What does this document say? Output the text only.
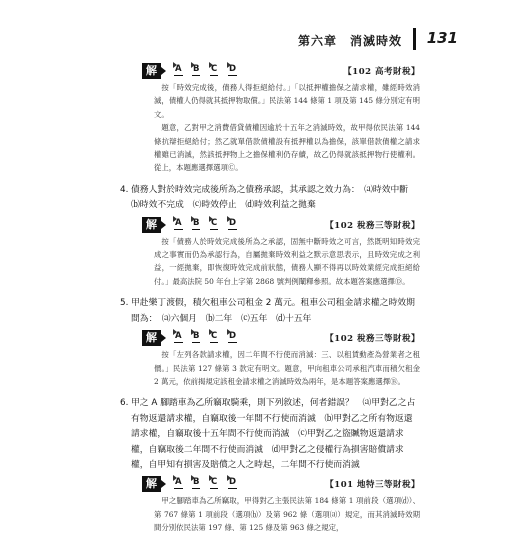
第六章　消滅時效 131
解	A B C D	【102 高考財稅】

按「時效完成後，債務人得拒絕給付。」「以抵押權擔保之請求權，雖經時效消滅，債權人仍得就其抵押物取償。」民法第 144 條第 1 項及第 145 條分別定有明文。

題意，乙對甲之消費借貸債權因逾於十五年之消滅時效，故甲得依民法第 144 條抗辯拒絕給付；然乙就單借款債權設有抵押權以為擔保，該單借款債權之請求權雖已消滅，然該抵押物上之擔保權利仍存續，故乙仍得就該抵押物行使權利。從上，本題應選擇選項Ⓒ。

4. 債務人對於時效完成後所為之債務承認，其承認之效力為：　⒜時效中斷　⒝時效不完成　⒞時效停止　⒟時效利益之拋棄
解	A B C D	【102 稅務三等財稅】

按「債務人於時效完成後所為之承認，固無中斷時效之可言，然既明知時效完成之事實而仍為承認行為，自屬拋棄時效利益之默示意思表示，且時效完成之利益，一經拋棄，即恢復時效完成前狀態，債務人顯不得再以時效業經完成拒絕給付。」最高法院 50 年台上字第 2868 號判例闡釋參照。故本題答案應選擇Ⓓ。

5. 甲赴樂丁渡假，積欠租車公司租金 2 萬元。租車公司租金請求權之時效期間為：　⒜六個月　⒝二年　⒞五年　⒟十五年
解	A B C D	【102 稅務三等財稅】

按「左列各款請求權，因二年間不行使而消滅：三、以租賃動產為營業者之租價。」民法第 127 條第 3 款定有明文。題意，甲向租車公司承租汽車而積欠租金 2 萬元，依前揭規定該租金請求權之消滅時效為兩年，是本題答案應選擇Ⓑ。

6. 甲之 A 腳踏車為乙所竊取騎乘，則下列敘述，何者錯誤？　⒜甲對乙之占有物返還請求權，自竊取後一年間不行使而消滅　⒝甲對乙之所有物返還請求權，自竊取後十五年間不行使而消滅　⒞甲對乙之盜贓物返還請求權，自竊取後二年間不行使而消滅　⒟甲對乙之侵權行為損害賠償請求權，自甲知有損害及賠償之人之時起，二年間不行使而消滅
解	A B C D	【101 地特三等財稅】

甲之腳踏車為乙所竊取，甲得對乙主張民法第 184 條第 1 項前段（選項⒟）、第 767 條第 1 項前段（選項⒝）及第 962 條（選項⒜）規定，而其消滅時效期間分別依民法第 197 條、第 125 條及第 963 條之規定，
